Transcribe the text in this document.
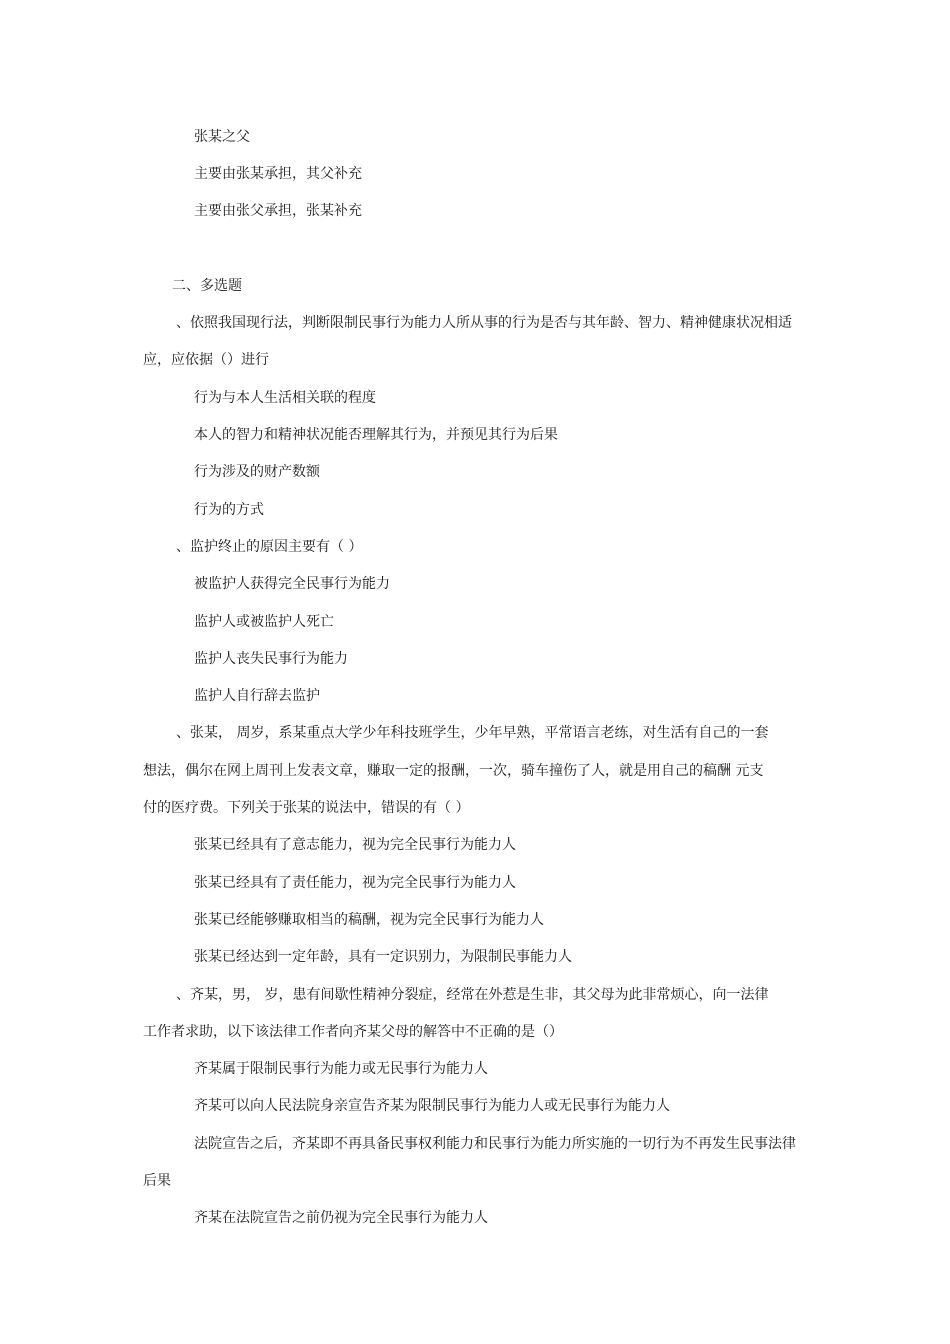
张某之父
主要由张某承担，其父补充
主要由张父承担，张某补充
二、多选题
、依照我国现行法，判断限制民事行为能力人所从事的行为是否与其年龄、智力、精神健康状况相适
应，应依据（）进行
行为与本人生活相关联的程度
本人的智力和精神状况能否理解其行为，并预见其行为后果
行为涉及的财产数额
行为的方式
、监护终止的原因主要有（ ）
被监护人获得完全民事行为能力
监护人或被监护人死亡
监护人丧失民事行为能力
监护人自行辞去监护
、张某， 周岁，系某重点大学少年科技班学生，少年早熟，平常语言老练，对生活有自己的一套
想法，偶尔在网上周刊上发表文章，赚取一定的报酬，一次，骑车撞伤了人，就是用自己的稿酬 元支
付的医疗费。下列关于张某的说法中，错误的有（ ）
张某已经具有了意志能力，视为完全民事行为能力人
张某已经具有了责任能力，视为完全民事行为能力人
张某已经能够赚取相当的稿酬，视为完全民事行为能力人
张某已经达到一定年龄，具有一定识别力，为限制民事能力人
、齐某，男， 岁，患有间歇性精神分裂症，经常在外惹是生非，其父母为此非常烦心，向一法律
工作者求助，以下该法律工作者向齐某父母的解答中不正确的是（）
齐某属于限制民事行为能力或无民事行为能力人
齐某可以向人民法院身亲宣告齐某为限制民事行为能力人或无民事行为能力人
法院宣告之后，齐某即不再具备民事权利能力和民事行为能力所实施的一切行为不再发生民事法律
后果
齐某在法院宣告之前仍视为完全民事行为能力人
